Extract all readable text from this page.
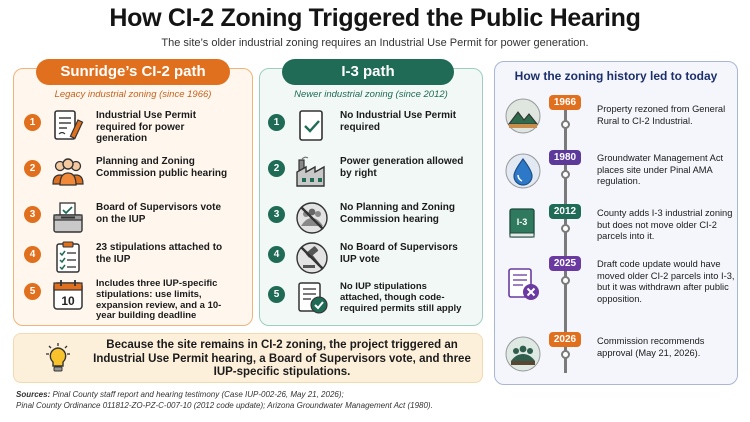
How CI-2 Zoning Triggered the Public Hearing
The site’s older industrial zoning requires an Industrial Use Permit for power generation.
Sunridge’s CI-2 path
Legacy industrial zoning (since 1966)
1
Industrial Use Permit required for power generation
2
Planning and Zoning Commission public hearing
3
Board of Supervisors vote on the IUP
4
23 stipulations attached to the IUP
5
10
Includes three IUP-specific stipulations: use limits, expansion review, and a 10-year building deadline
I-3 path
Newer industrial zoning (since 2012)
1
No Industrial Use Permit required
2
Power generation allowed by right
3
No Planning and Zoning Commission hearing
4
No Board of Supervisors IUP vote
5
No IUP stipulations attached, though code-required permits still apply
Because the site remains in CI-2 zoning, the project triggered an Industrial Use Permit hearing, a Board of Supervisors vote, and three IUP-specific stipulations.
How the zoning history led to today
1966
Property rezoned from General Rural to CI-2 Industrial.
1980	Groundwater Management Act places site under Pinal AMA regulation.
2012
I-3
County adds I-3 industrial zoning but does not move older CI-2 parcels into it.
2025	Draft code update would have moved older CI-2 parcels into I-3, but it was withdrawn after public opposition.
2026	Commission recommends approval (May 21, 2026).
Sources: Pinal County staff report and hearing testimony (Case IUP-002-26, May 21, 2026);
Pinal County Ordinance 011812-ZO-PZ-C-007-10 (2012 code update); Arizona Groundwater Management Act (1980).
